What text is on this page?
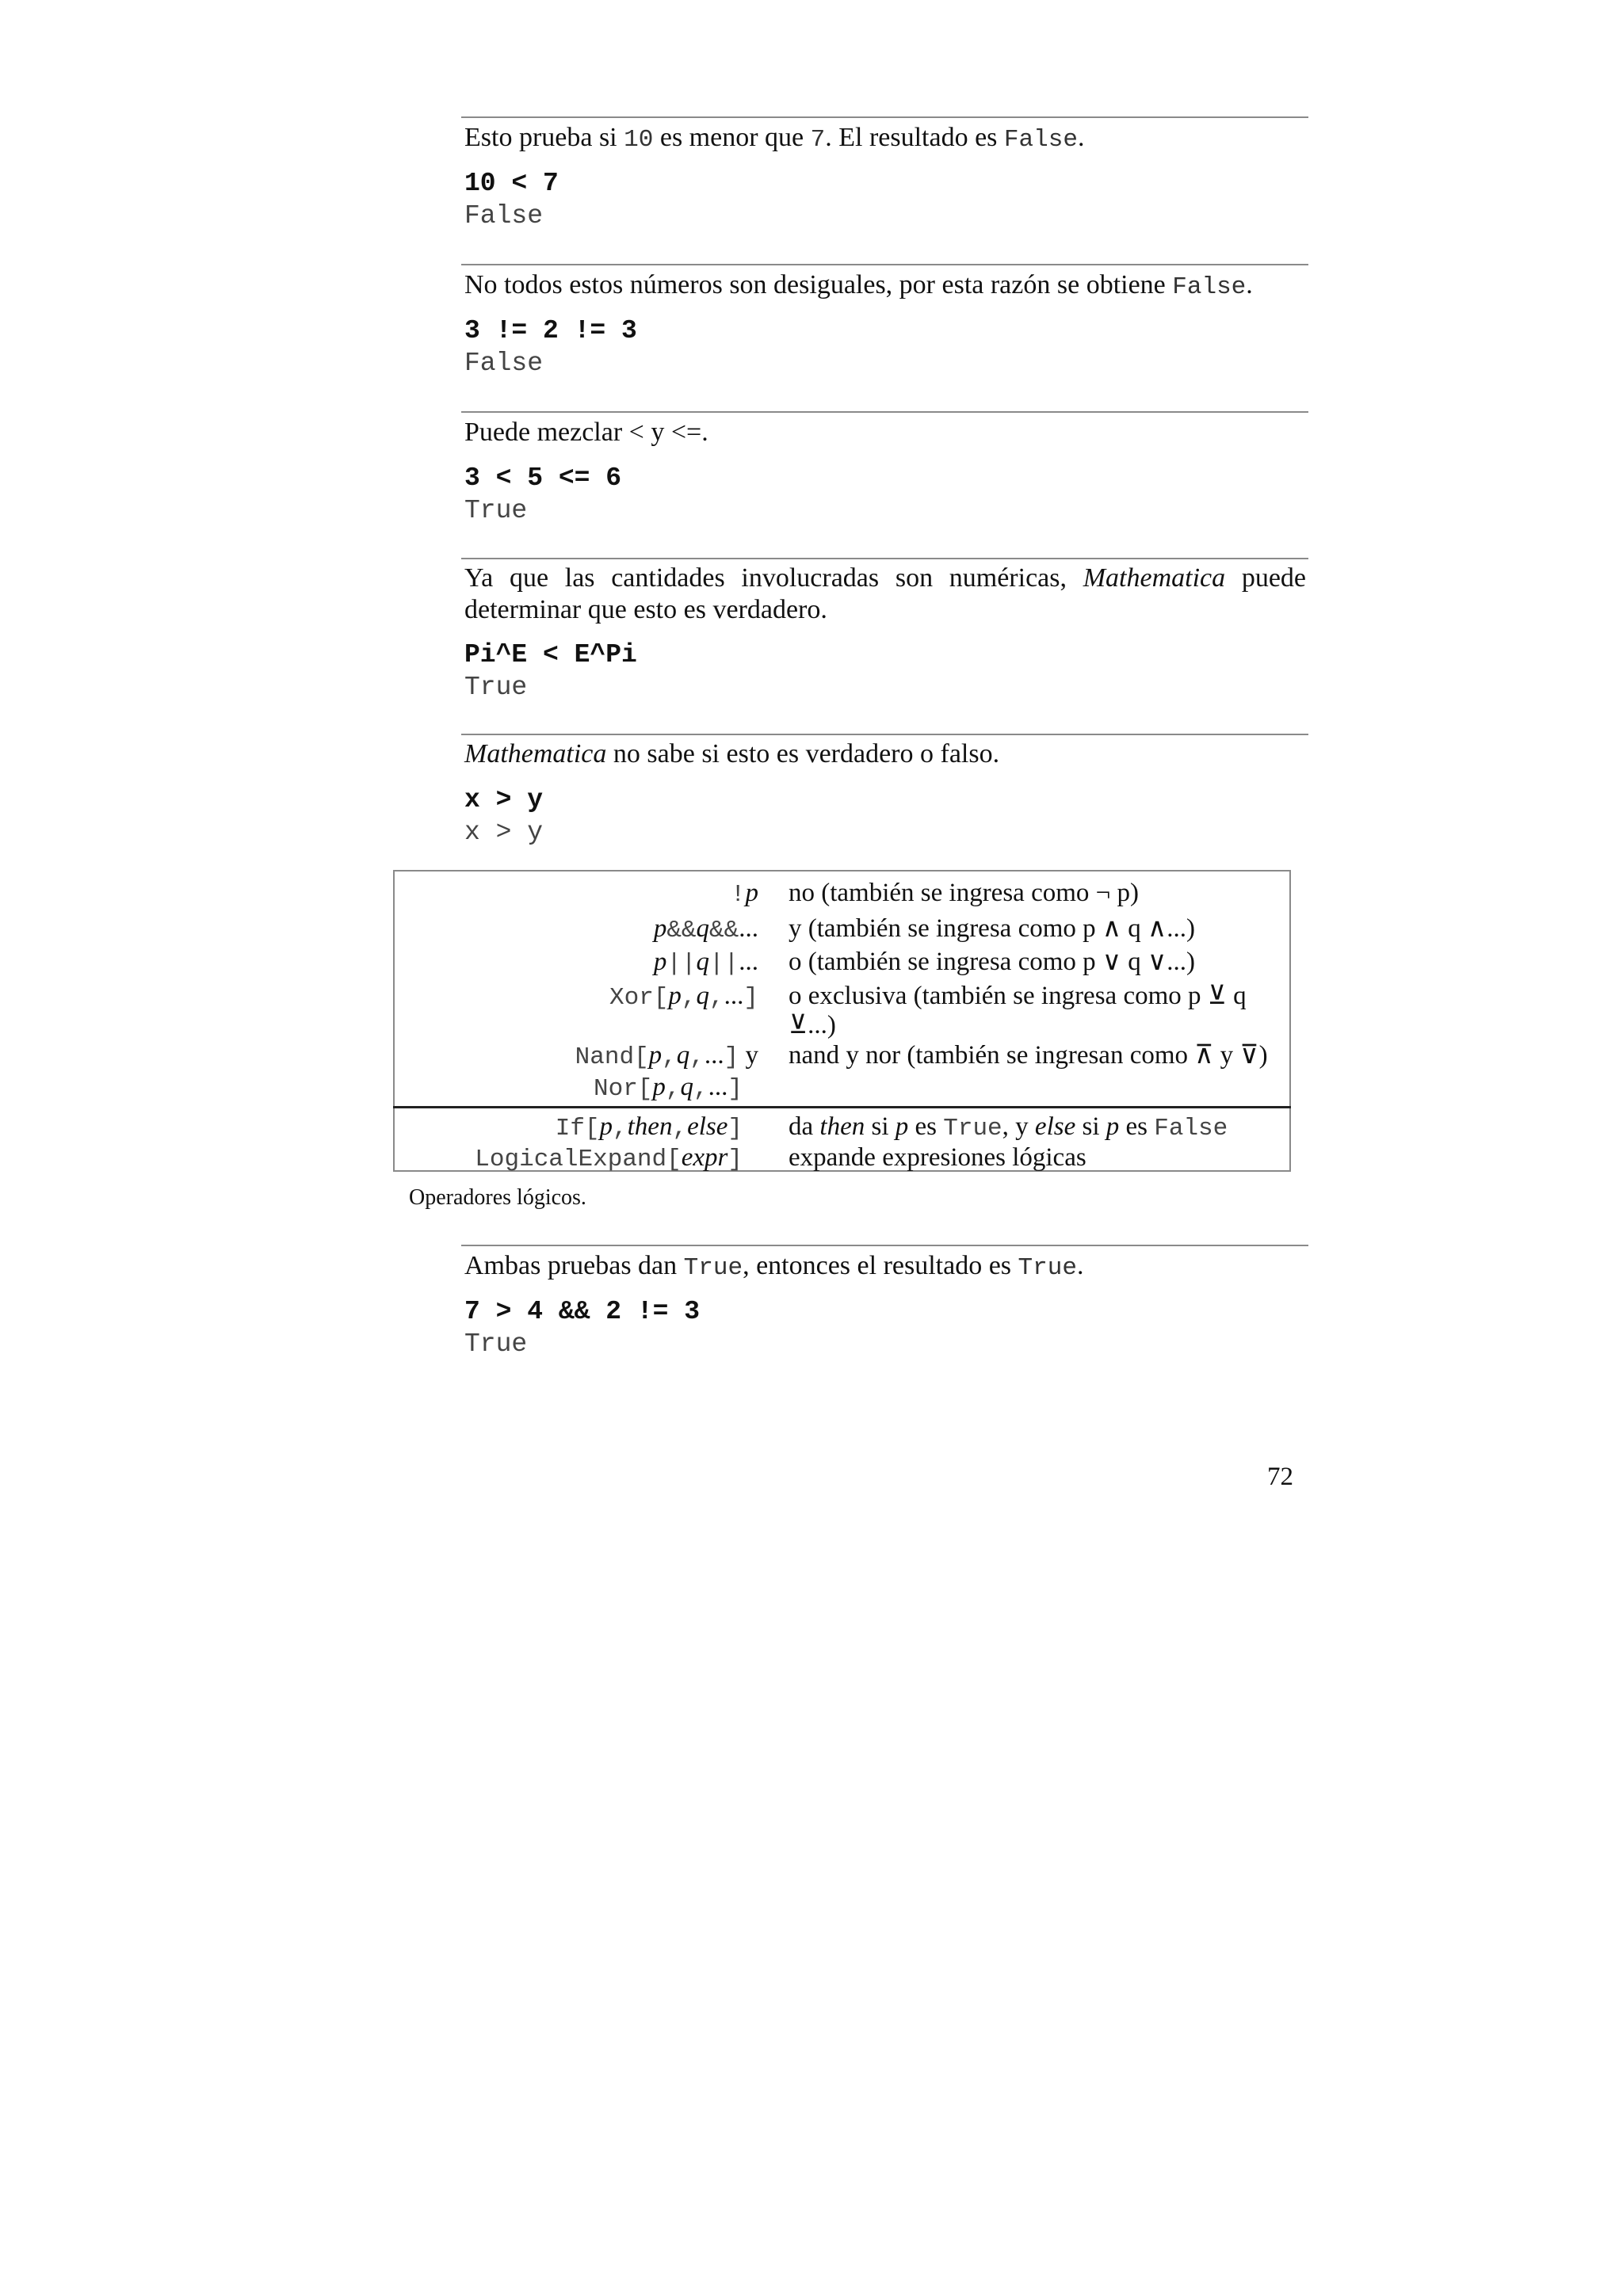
Esto prueba si 10 es menor que 7. El resultado es False.

10 < 7
False

No todos estos números son desiguales, por esta razón se obtiene False.

3 != 2 != 3
False

Puede mezclar < y <=.

3 < 5 <= 6
True

Ya que las cantidades involucradas son numéricas, Mathematica puede

determinar que esto es verdadero.

Pi^E < E^Pi
True

Mathematica no sabe si esto es verdadero o falso.

x > y
x > y
!p no (también se ingresa como ¬ p)
p&&q&&... y (también se ingresa como p ∧ q ∧...)
p||q||... o (también se ingresa como p ∨ q ∨...)
Xor[p,q,...] o exclusiva (también se ingresa como p ⊻ q
⊻...)
Nand[p,q,...] y nand y nor (también se ingresan como ⊼ y ⊽)
Nor[p,q,...]
If[p,then,else] da then si p es True, y else si p es False
LogicalExpand[expr] expande expresiones lógicas
Operadores lógicos.

Ambas pruebas dan True, entonces el resultado es True.

7 > 4 && 2 != 3
True
72
